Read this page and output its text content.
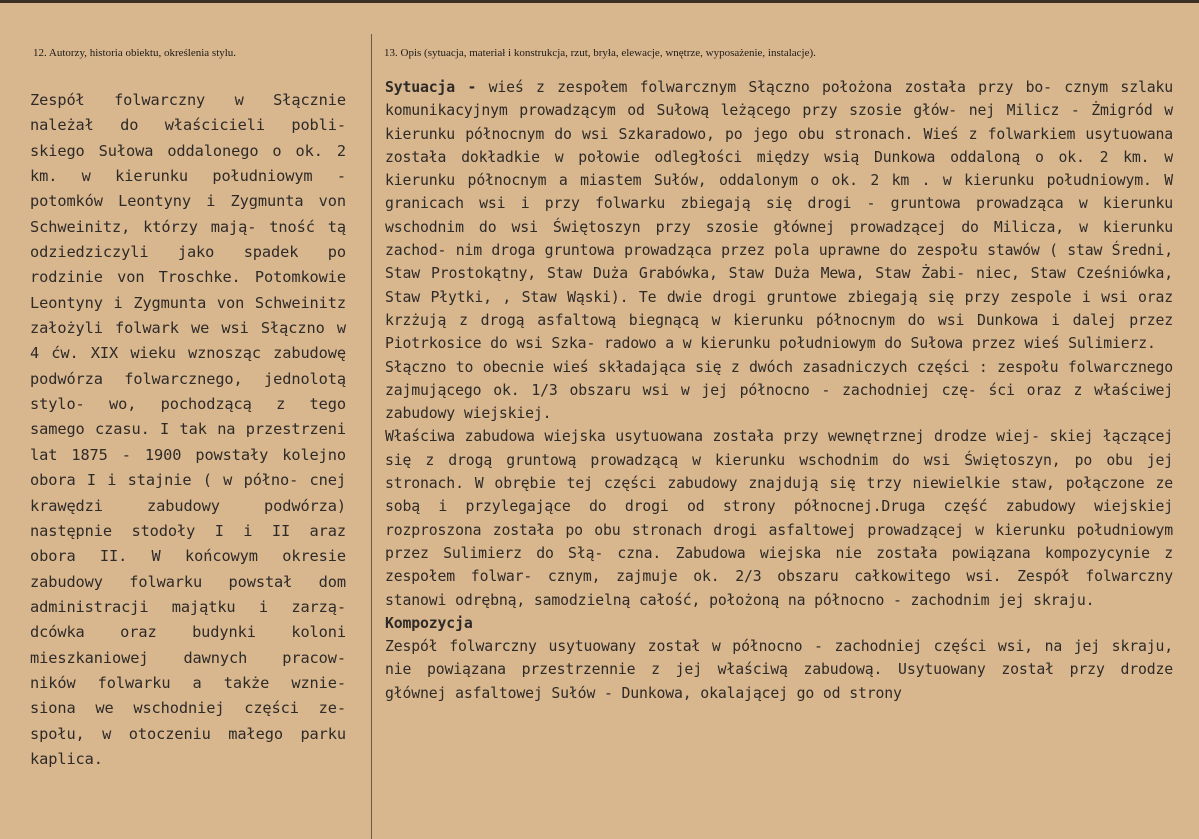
12. Autorzy, historia obiektu, określenia stylu.
Zespół folwarczny w Słącznie należał do właścicieli pobli- skiego Sułowa oddalonego o ok. 2 km. w kierunku południowym - potomków Leontyny i Zygmunta von Schweinitz, którzy mają- tność tą odziedziczyli jako spadek po rodzinie von Troschke. Potomkowie Leontyny i Zygmunta von Schweinitz założyli folwark we wsi Słączno w 4 ćw. XIX wieku wznosząc zabudowę podwórza folwarcznego, jednolotą stylo- wo, pochodzącą z tego samego czasu. I tak na przestrzeni lat 1875 - 1900 powstały kolejno obora I i stajnie ( w półno- cnej krawędzi zabudowy podwórza) następnie stodoły I i II araz obora II. W końcowym okresie zabudowy folwarku powstał dom administracji majątku i zarzą- dcówka oraz budynki koloni mieszkaniowej dawnych pracow- ników folwarku a także wznie- siona we wschodniej części ze- społu, w otoczeniu małego parku kaplica.
13. Opis (sytuacja, materiał i konstrukcja, rzut, bryła, elewacje, wnętrze, wyposażenie, instalacje).

Sytuacja - wieś z zespołem folwarcznym Słączno położona została przy bo- cznym szlaku komunikacyjnym prowadzącym od Sułową leżącego przy szosie głów- nej Milicz - Żmigród w kierunku północnym do wsi Szkaradowo, po jego obu stronach. Wieś z folwarkiem usytuowana została dokładkie w połowie odległości między wsią Dunkowa oddaloną o ok. 2 km. w kierunku północnym a miastem Sułów, oddalonym o ok. 2 km . w kierunku południowym. W granicach wsi i przy folwarku zbiegają się drogi - gruntowa prowadząca w kierunku wschodnim do wsi Świętoszyn przy szosie głównej prowadzącej do Milicza, w kierunku zachod- nim droga gruntowa prowadząca przez pola uprawne do zespołu stawów ( staw Średni, Staw Prostokątny, Staw Duża Grabówka, Staw Duża Mewa, Staw Żabi- niec, Staw Cześniówka, Staw Płytki, , Staw Wąski). Te dwie drogi gruntowe zbiegają się przy zespole i wsi oraz krzżują z drogą asfaltową biegnącą w kierunku północnym do wsi Dunkowa i dalej przez Piotrkosice do wsi Szka- radowo a w kierunku południowym do Sułowa przez wieś Sulimierz.

Słączno to obecnie wieś składająca się z dwóch zasadniczych części : zespołu folwarcznego zajmującego ok. 1/3 obszaru wsi w jej północno - zachodniej czę- ści oraz z właściwej zabudowy wiejskiej.

Właściwa zabudowa wiejska usytuowana została przy wewnętrznej drodze wiej- skiej łączącej się z drogą gruntową prowadzącą w kierunku wschodnim do wsi Świętoszyn, po obu jej stronach. W obrębie tej części zabudowy znajdują się trzy niewielkie staw, połączone ze sobą i przylegające do drogi od strony północnej.Druga część zabudowy wiejskiej rozproszona została po obu stronach drogi asfaltowej prowadzącej w kierunku południowym przez Sulimierz do Słą- czna. Zabudowa wiejska nie została powiązana kompozycynie z zespołem folwar- cznym, zajmuje ok. 2/3 obszaru całkowitego wsi. Zespół folwarczny stanowi odrębną, samodzielną całość, położoną na północno - zachodnim jej skraju.

Kompozycja

Zespół folwarczny usytuowany został w północno - zachodniej części wsi, na jej skraju, nie powiązana przestrzennie z jej właściwą zabudową. Usytuowany został przy drodze głównej asfaltowej Sułów - Dunkowa, okalającej go od strony
